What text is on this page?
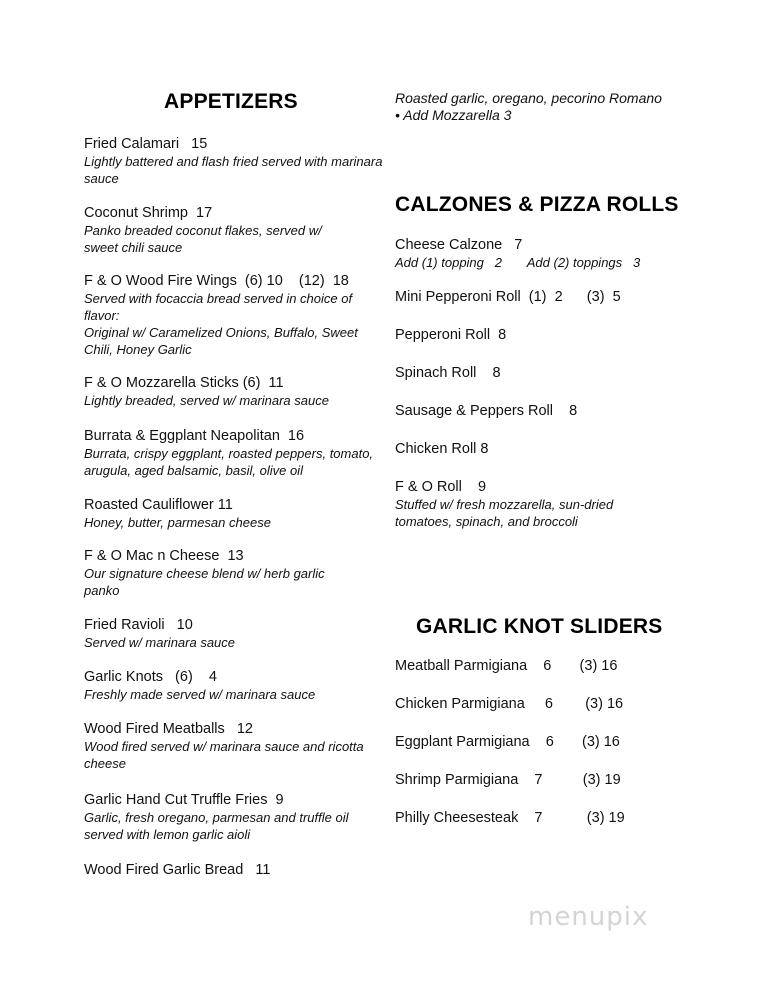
APPETIZERS
Fried Calamari   15
Lightly battered and flash fried served with marinara sauce
Coconut Shrimp  17
Panko breaded coconut flakes, served w/ sweet chili sauce
F & O Wood Fire Wings  (6) 10    (12)  18
Served with focaccia bread served in choice of flavor:
Original w/ Caramelized Onions, Buffalo, Sweet Chili, Honey Garlic
F & O Mozzarella Sticks (6)  11
Lightly breaded, served w/ marinara sauce
Burrata & Eggplant Neapolitan  16
Burrata, crispy eggplant, roasted peppers, tomato, arugula, aged balsamic, basil, olive oil
Roasted Cauliflower 11
Honey, butter, parmesan cheese
F & O Mac n Cheese  13
Our signature cheese blend w/ herb garlic panko
Fried Ravioli   10
Served w/ marinara sauce
Garlic Knots   (6)    4
Freshly made served w/ marinara sauce
Wood Fired Meatballs   12
Wood fired served w/ marinara sauce and ricotta cheese
Garlic Hand Cut Truffle Fries  9
Garlic, fresh oregano, parmesan and truffle oil served with lemon garlic aioli
Wood Fired Garlic Bread   11
Roasted garlic, oregano, pecorino Romano
• Add Mozzarella 3
CALZONES & PIZZA ROLLS
Cheese Calzone   7
Add (1) topping   2       Add (2) toppings   3
Mini Pepperoni Roll  (1)  2      (3)  5
Pepperoni Roll  8
Spinach Roll    8
Sausage & Peppers Roll    8
Chicken Roll 8
F & O Roll    9
Stuffed w/ fresh mozzarella, sun-dried tomatoes, spinach, and broccoli
GARLIC KNOT SLIDERS
Meatball Parmigiana    6       (3) 16
Chicken Parmigiana     6        (3) 16
Eggplant Parmigiana    6       (3) 16
Shrimp Parmigiana    7          (3) 19
Philly Cheesesteak    7           (3) 19
menupix
